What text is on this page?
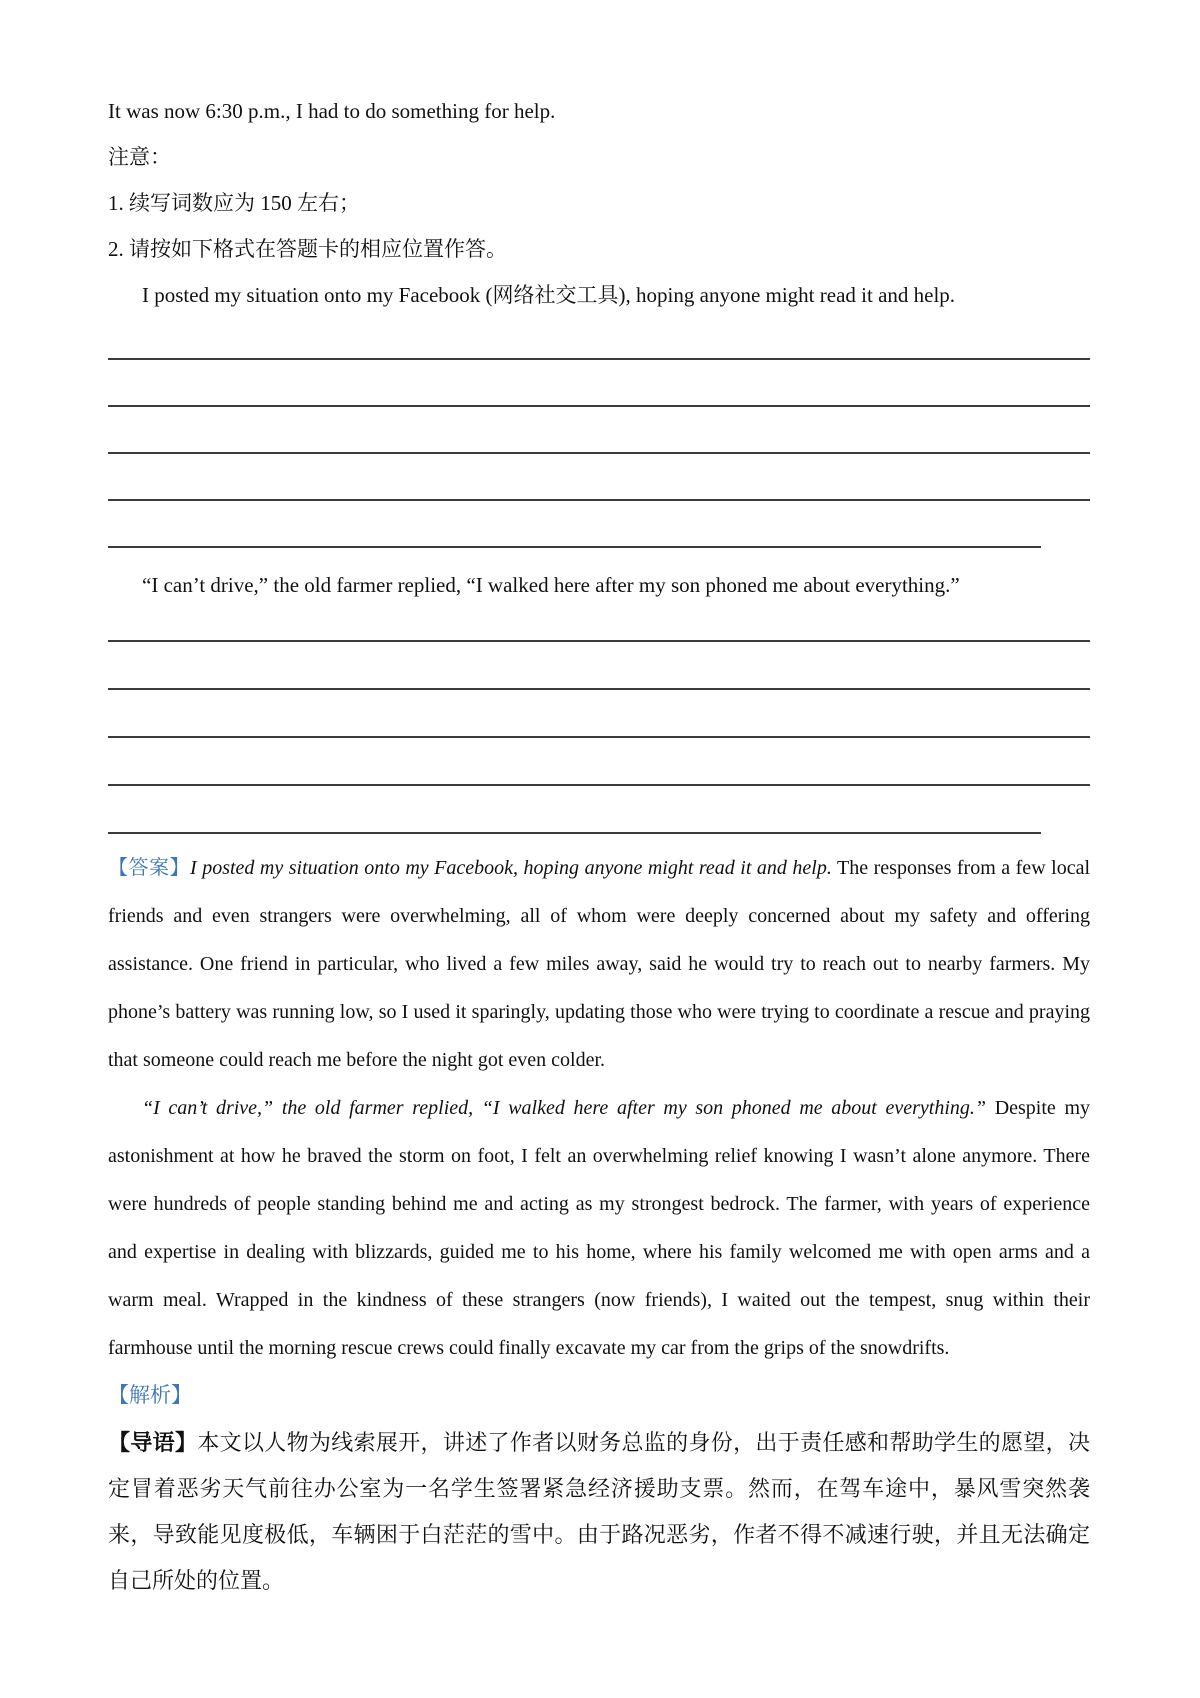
It was now 6:30 p.m., I had to do something for help.

注意：

1. 续写词数应为 150 左右；

2. 请按如下格式在答题卡的相应位置作答。

I posted my situation onto my Facebook (网络社交工具), hoping anyone might read it and help.

“I can’t drive,” the old farmer replied, “I walked here after my son phoned me about everything.”

【答案】I posted my situation onto my Facebook, hoping anyone might read it and help. The responses from a few local friends and even strangers were overwhelming, all of whom were deeply concerned about my safety and offering assistance. One friend in particular, who lived a few miles away, said he would try to reach out to nearby farmers. My phone’s battery was running low, so I used it sparingly, updating those who were trying to coordinate a rescue and praying that someone could reach me before the night got even colder.

“I can’t drive,” the old farmer replied, “I walked here after my son phoned me about everything.” Despite my astonishment at how he braved the storm on foot, I felt an overwhelming relief knowing I wasn’t alone anymore. There were hundreds of people standing behind me and acting as my strongest bedrock. The farmer, with years of experience and expertise in dealing with blizzards, guided me to his home, where his family welcomed me with open arms and a warm meal. Wrapped in the kindness of these strangers (now friends), I waited out the tempest, snug within their farmhouse until the morning rescue crews could finally excavate my car from the grips of the snowdrifts.

【解析】

【导语】本文以人物为线索展开，讲述了作者以财务总监的身份，出于责任感和帮助学生的愿望，决定冒着恶劣天气前往办公室为一名学生签署紧急经济援助支票。然而，在驾车途中，暴风雪突然袭来，导致能见度极低，车辆困于白茫茫的雪中。由于路况恶劣，作者不得不减速行驶，并且无法确定自己所处的位置。
